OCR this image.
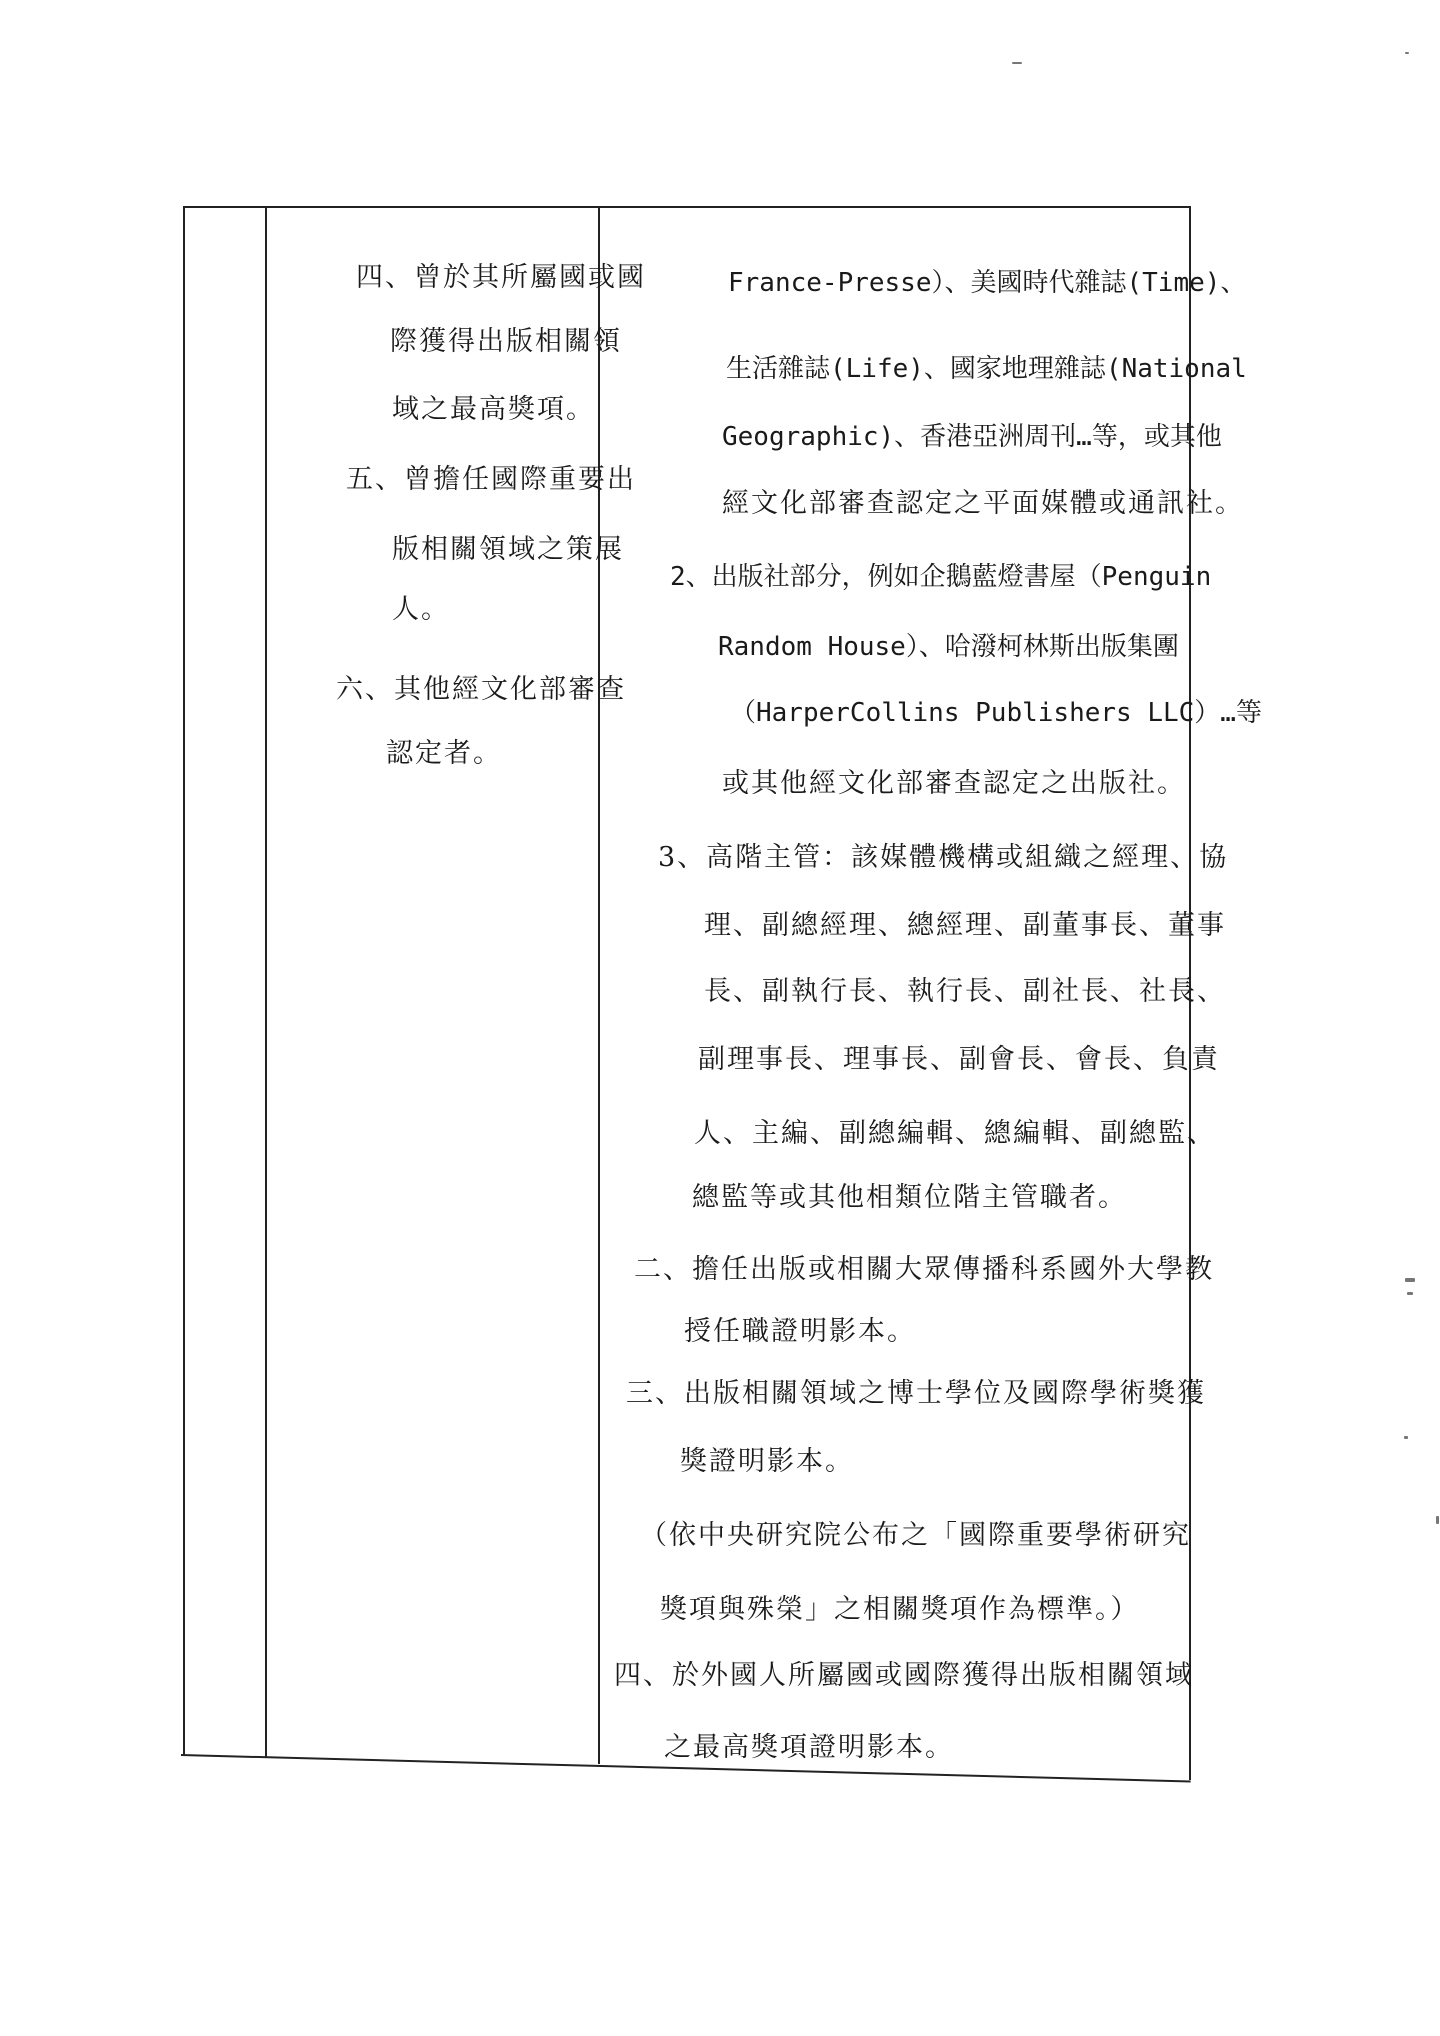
四、曾於其所屬國或國
際獲得出版相關領
域之最高獎項。
五、曾擔任國際重要出
版相關領域之策展
人。
六、其他經文化部審查
認定者。
France-Presse）、美國時代雜誌(Time)、
生活雜誌(Life)、國家地理雜誌(National
Geographic)、香港亞洲周刊…等，或其他
經文化部審查認定之平面媒體或通訊社。
2、出版社部分，例如企鵝藍燈書屋（Penguin
Random House）、哈潑柯林斯出版集團
（HarperCollins Publishers LLC）…等
或其他經文化部審查認定之出版社。
3、高階主管：該媒體機構或組織之經理、協
理、副總經理、總經理、副董事長、董事
長、副執行長、執行長、副社長、社長、
副理事長、理事長、副會長、會長、負責
人、主編、副總編輯、總編輯、副總監、
總監等或其他相類位階主管職者。
二、擔任出版或相關大眾傳播科系國外大學教
授任職證明影本。
三、出版相關領域之博士學位及國際學術獎獲
獎證明影本。
（依中央研究院公布之「國際重要學術研究
獎項與殊榮」之相關獎項作為標準。）
四、於外國人所屬國或國際獲得出版相關領域
之最高獎項證明影本。
